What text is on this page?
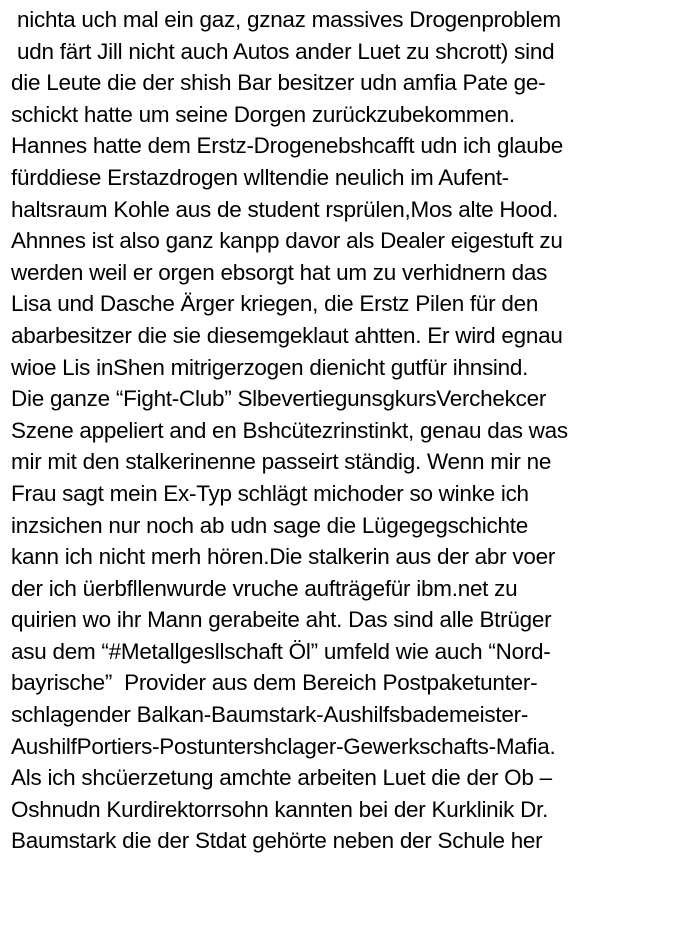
nichta uch mal ein gaz, gznaz massives Drogenproblem
udn färt Jill nicht auch Autos ander Luet zu shcrott) sind
die Leute die der shish Bar besitzer udn amfia Pate ge-
schickt hatte um seine Dorgen zurückzubekommen.
Hannes hatte dem Erstz-Drogenebshcafft udn ich glaube
fürddiese Erstazdrogen wlltendie neulich im Aufent-
haltsraum Kohle aus de student rsprülen,Mos alte Hood.
Ahnnes ist also ganz kanpp davor als Dealer eigestuft zu
werden weil er orgen ebsorgt hat um zu verhidnern das
Lisa und Dasche Ärger kriegen, die Erstz Pilen für den
abarbesitzer die sie diesemgeklaut ahtten. Er wird egnau
wioe Lis inShen mitrigerzogen dienicht gutfür ihnsind.
Die ganze “Fight-Club” SlbevertiegunsgkursVerchekcer
Szene appeliert and en Bshcütezrinstinkt, genau das was
mir mit den stalkerinenne passeirt ständig. Wenn mir ne
Frau sagt mein Ex-Typ schlägt michoder so winke ich
inzsichen nur noch ab udn sage die Lügegegschichte
kann ich nicht merh hören.Die stalkerin aus der abr voer
der ich üerbfllenwurde vruche aufträgefür ibm.net zu
quirien wo ihr Mann gerabeite aht. Das sind alle Btrüger
asu dem “#Metallgesllschaft Öl” umfeld wie auch “Nord-
bayrische”  Provider aus dem Bereich Postpaketunter-
schlagender Balkan-Baumstark-Aushilfsbademeister-
AushilfPortiers-Postuntershclager-Gewerkschafts-Mafia.
Als ich shcüerzetung amchte arbeiten Luet die der Ob –
Oshnudn Kurdirektorrsohn kannten bei der Kurklinik Dr.
Baumstark die der Stdat gehörte neben der Schule her
